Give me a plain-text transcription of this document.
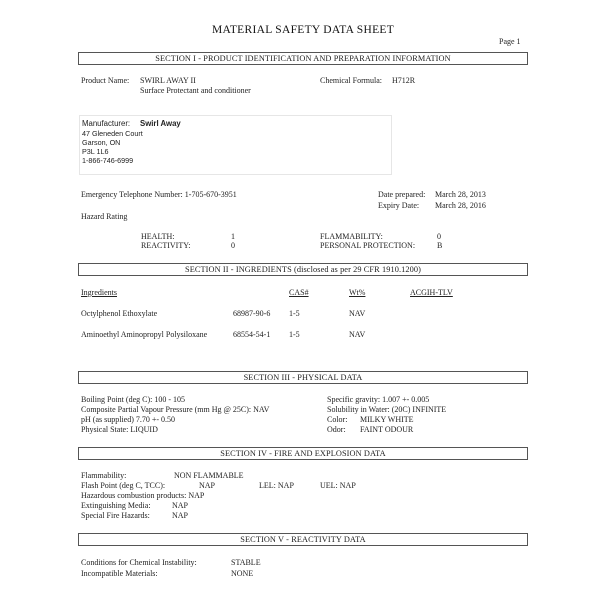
MATERIAL SAFETY DATA SHEET
Page 1
SECTION I - PRODUCT IDENTIFICATION AND PREPARATION INFORMATION
Product Name: SWIRL AWAY II
Surface Protectant and conditioner
Chemical Formula: H712R
Manufacturer: Swirl Away
47 Gleneden Court
Garson, ON
P3L 1L6
1-866-746-6999
Emergency Telephone Number: 1-705-670-3951	Date prepared: March 28, 2013
Expiry Date: March 28, 2016
Hazard Rating
HEALTH:	1
REACTIVITY:	0
FLAMMABILITY:	0
PERSONAL PROTECTION:	B
SECTION II - INGREDIENTS (disclosed as per 29 CFR 1910.1200)
Ingredients	CAS#	Wt%	ACGIH-TLV
Octylphenol Ethoxylate	68987-90-6 1-5	NAV
Aminoethyl Aminopropyl Polysiloxane	68554-54-1 1-5	NAV
SECTION III - PHYSICAL DATA
Boiling Point (deg C): 100 - 105
Composite Partial Vapour Pressure (mm Hg @ 25C): NAV
pH (as supplied) 7.70 +- 0.50
Physical State: LIQUID
Specific gravity: 1.007 +- 0.005
Solubility in Water: (20C) INFINITE
Color: MILKY WHITE
Odor: FAINT ODOUR
SECTION IV - FIRE AND EXPLOSION DATA
Flammability:	NON FLAMMABLE
Flash Point (deg C, TCC):	NAP	LEL: NAP	UEL: NAP
Hazardous combustion products: NAP
Extinguishing Media:	NAP
Special Fire Hazards:	NAP
SECTION V - REACTIVITY DATA
Conditions for Chemical Instability:	STABLE
Incompatible Materials:	NONE
